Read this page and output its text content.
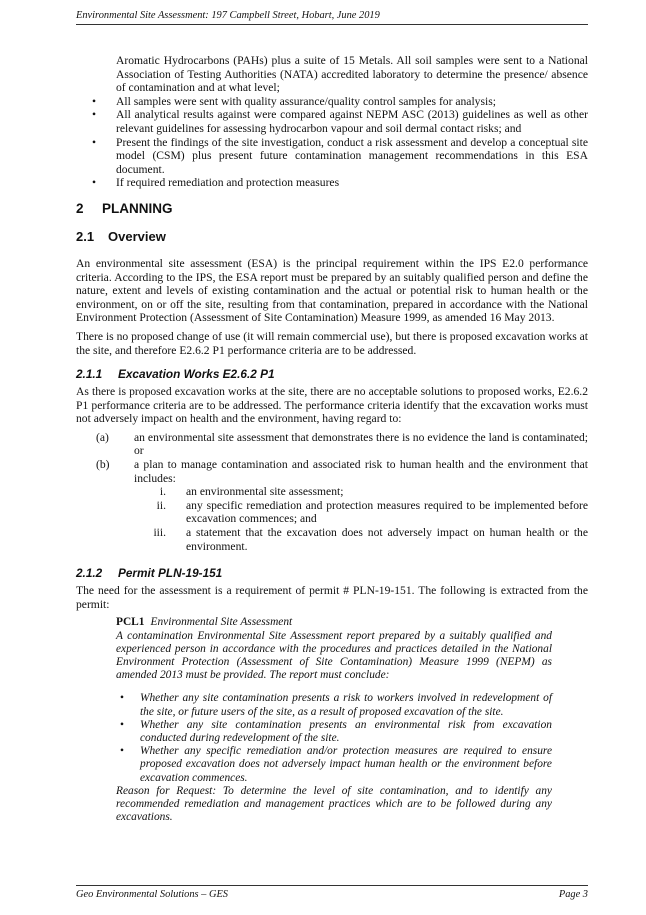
Environmental Site Assessment: 197 Campbell Street, Hobart, June 2019

Aromatic Hydrocarbons (PAHs) plus a suite of 15 Metals. All soil samples were sent to a National Association of Testing Authorities (NATA) accredited laboratory to determine the presence/ absence of contamination and at what level;

• All samples were sent with quality assurance/quality control samples for analysis;
• All analytical results against were compared against NEPM ASC (2013) guidelines as well as other relevant guidelines for assessing hydrocarbon vapour and soil dermal contact risks; and
• Present the findings of the site investigation, conduct a risk assessment and develop a conceptual site model (CSM) plus present future contamination management recommendations in this ESA document.
• If required remediation and protection measures
2 PLANNING
2.1 Overview

An environmental site assessment (ESA) is the principal requirement within the IPS E2.0 performance criteria. According to the IPS, the ESA report must be prepared by an suitably qualified person and define the nature, extent and levels of existing contamination and the actual or potential risk to human health or the environment, on or off the site, resulting from that contamination, prepared in accordance with the National Environment Protection (Assessment of Site Contamination) Measure 1999, as amended 16 May 2013.

There is no proposed change of use (it will remain commercial use), but there is proposed excavation works at the site, and therefore E2.6.2 P1 performance criteria are to be addressed.

2.1.1 Excavation Works E2.6.2 P1

As there is proposed excavation works at the site, there are no acceptable solutions to proposed works, E2.6.2 P1 performance criteria are to be addressed. The performance criteria identify that the excavation works must not adversely impact on health and the environment, having regard to:

(a) an environmental site assessment that demonstrates there is no evidence the land is contaminated; or
(b) a plan to manage contamination and associated risk to human health and the environment that includes:
i. an environmental site assessment;
ii. any specific remediation and protection measures required to be implemented before excavation commences; and
iii. a statement that the excavation does not adversely impact on human health or the environment.
2.1.2 Permit PLN-19-151

The need for the assessment is a requirement of permit # PLN-19-151. The following is extracted from the permit:

PCL1 Environmental Site Assessment

A contamination Environmental Site Assessment report prepared by a suitably qualified and experienced person in accordance with the procedures and practices detailed in the National Environment Protection (Assessment of Site Contamination) Measure 1999 (NEPM) as amended 2013 must be provided. The report must conclude:

• Whether any site contamination presents a risk to workers involved in redevelopment of the site, or future users of the site, as a result of proposed excavation of the site.
• Whether any site contamination presents an environmental risk from excavation conducted during redevelopment of the site.
• Whether any specific remediation and/or protection measures are required to ensure proposed excavation does not adversely impact human health or the environment before excavation commences.

Reason for Request: To determine the level of site contamination, and to identify any recommended remediation and management practices which are to be followed during any excavations.

Geo Environmental Solutions – GES	Page 3
